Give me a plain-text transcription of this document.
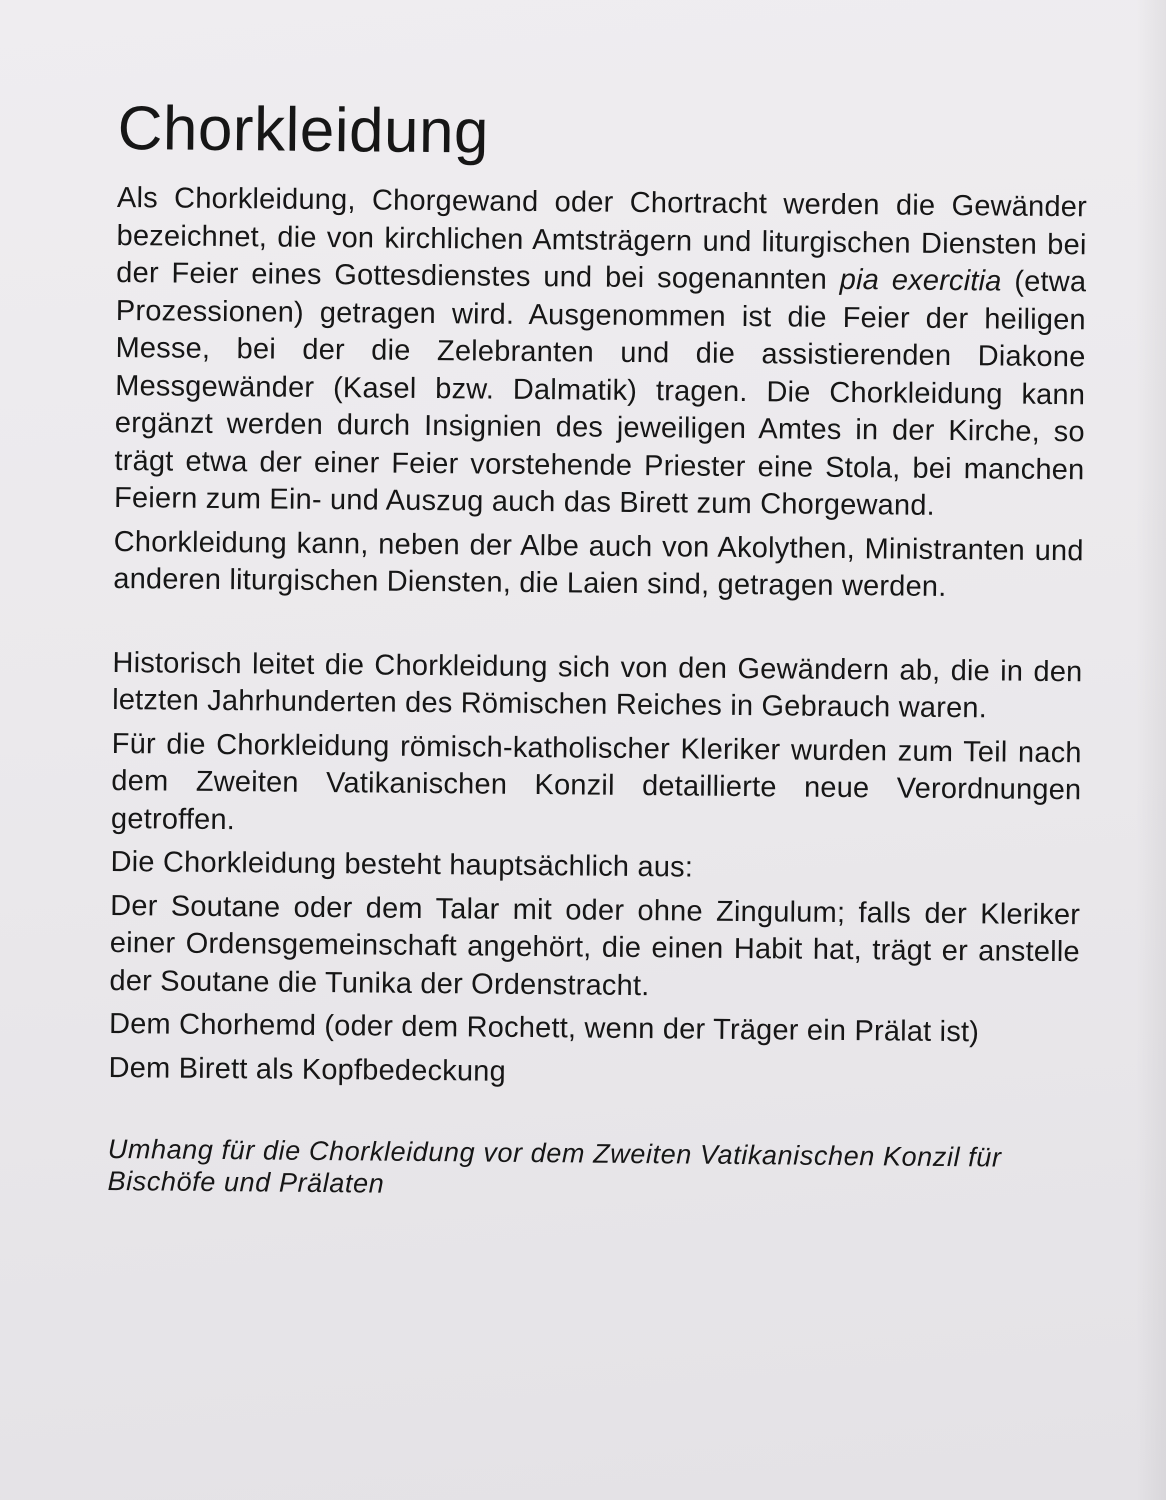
Chorkleidung

Als Chorkleidung, Chorgewand oder Chortracht werden die Gewänder bezeichnet, die von kirchlichen Amtsträgern und liturgischen Diensten bei der Feier eines Gottesdienstes und bei sogenannten pia exercitia (etwa Prozessionen) getragen wird. Ausgenommen ist die Feier der heiligen Messe, bei der die Zelebranten und die assistierenden Diakone Messgewänder (Kasel bzw. Dalmatik) tragen. Die Chorkleidung kann ergänzt werden durch Insignien des jeweiligen Amtes in der Kirche, so trägt etwa der einer Feier vorstehende Priester eine Stola, bei manchen Feiern zum Ein- und Auszug auch das Birett zum Chorgewand.

Chorkleidung kann, neben der Albe auch von Akolythen, Ministranten und anderen liturgischen Diensten, die Laien sind, getragen werden.

Historisch leitet die Chorkleidung sich von den Gewändern ab, die in den letzten Jahrhunderten des Römischen Reiches in Gebrauch waren.

Für die Chorkleidung römisch-katholischer Kleriker wurden zum Teil nach dem Zweiten Vatikanischen Konzil detaillierte neue Verordnungen getroffen.

Die Chorkleidung besteht hauptsächlich aus:

Der Soutane oder dem Talar mit oder ohne Zingulum; falls der Kleriker einer Ordensgemeinschaft angehört, die einen Habit hat, trägt er anstelle der Soutane die Tunika der Ordenstracht.

Dem Chorhemd (oder dem Rochett, wenn der Träger ein Prälat ist)

Dem Birett als Kopfbedeckung

Umhang für die Chorkleidung vor dem Zweiten Vatikanischen Konzil für Bischöfe und Prälaten
